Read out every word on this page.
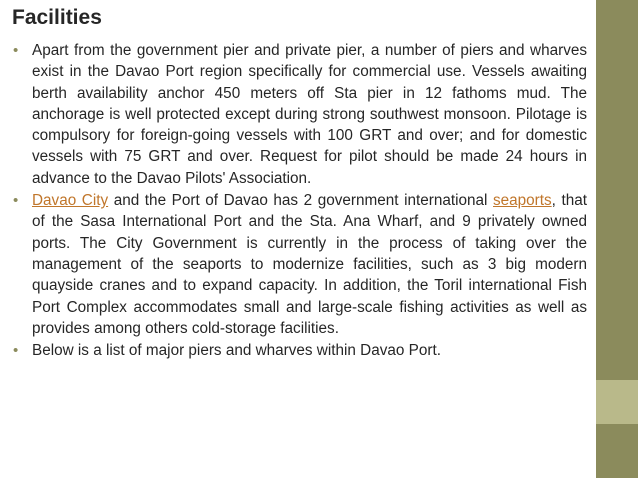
Facilities
• Apart from the government pier and private pier, a number of piers and wharves exist in the Davao Port region specifically for commercial use. Vessels awaiting berth availability anchor 450 meters off Sta pier in 12 fathoms mud. The anchorage is well protected except during strong southwest monsoon. Pilotage is compulsory for foreign-going vessels with 100 GRT and over; and for domestic vessels with 75 GRT and over. Request for pilot should be made 24 hours in advance to the Davao Pilots' Association.
• Davao City and the Port of Davao has 2 government international seaports, that of the Sasa International Port and the Sta. Ana Wharf, and 9 privately owned ports. The City Government is currently in the process of taking over the management of the seaports to modernize facilities, such as 3 big modern quayside cranes and to expand capacity. In addition, the Toril international Fish Port Complex accommodates small and large-scale fishing activities as well as provides among others cold-storage facilities.
• Below is a list of major piers and wharves within Davao Port.
